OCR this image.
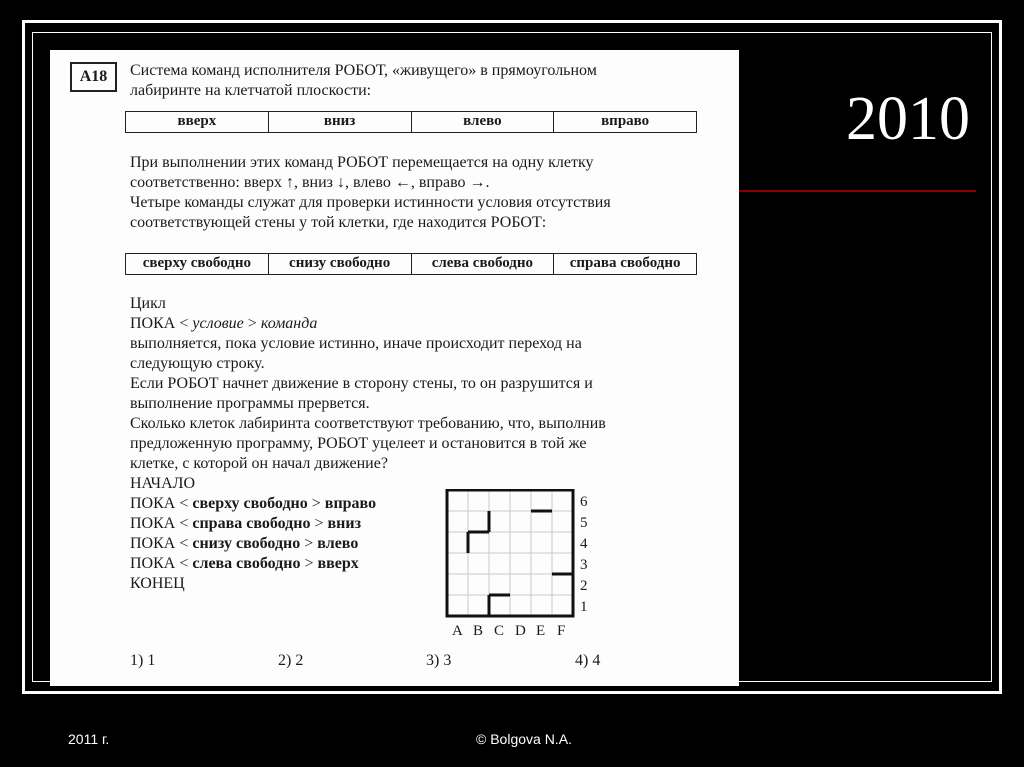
2010
A18	Система команд исполнителя РОБОТ, «живущего» в прямоугольном
лабиринте на клетчатой плоскости:
вверх	вниз	влево	вправо
При выполнении этих команд РОБОТ перемещается на одну клетку
соответственно: вверх ↑, вниз ↓, влево ←, вправо →.
Четыре команды служат для проверки истинности условия отсутствия
соответствующей стены у той клетки, где находится РОБОТ:
сверху свободно	снизу свободно	слева свободно	справа свободно
Цикл
ПОКА < условие > команда
выполняется, пока условие истинно, иначе происходит переход на
следующую строку.
Если РОБОТ начнет движение в сторону стены, то он разрушится и
выполнение программы прервется.
Сколько клеток лабиринта соответствуют требованию, что, выполнив
предложенную программу, РОБОТ уцелеет и остановится в той же
клетке, с которой он начал движение?
НАЧАЛО
ПОКА < сверху свободно > вправо
ПОКА < справа свободно > вниз
ПОКА < снизу свободно > влево
ПОКА < слева свободно > вверх
КОНЕЦ
6
5
4
3
2
1
A B C D E F
1) 1	2) 2	3) 3	4) 4
2011 г.	© Bolgova N.A.
